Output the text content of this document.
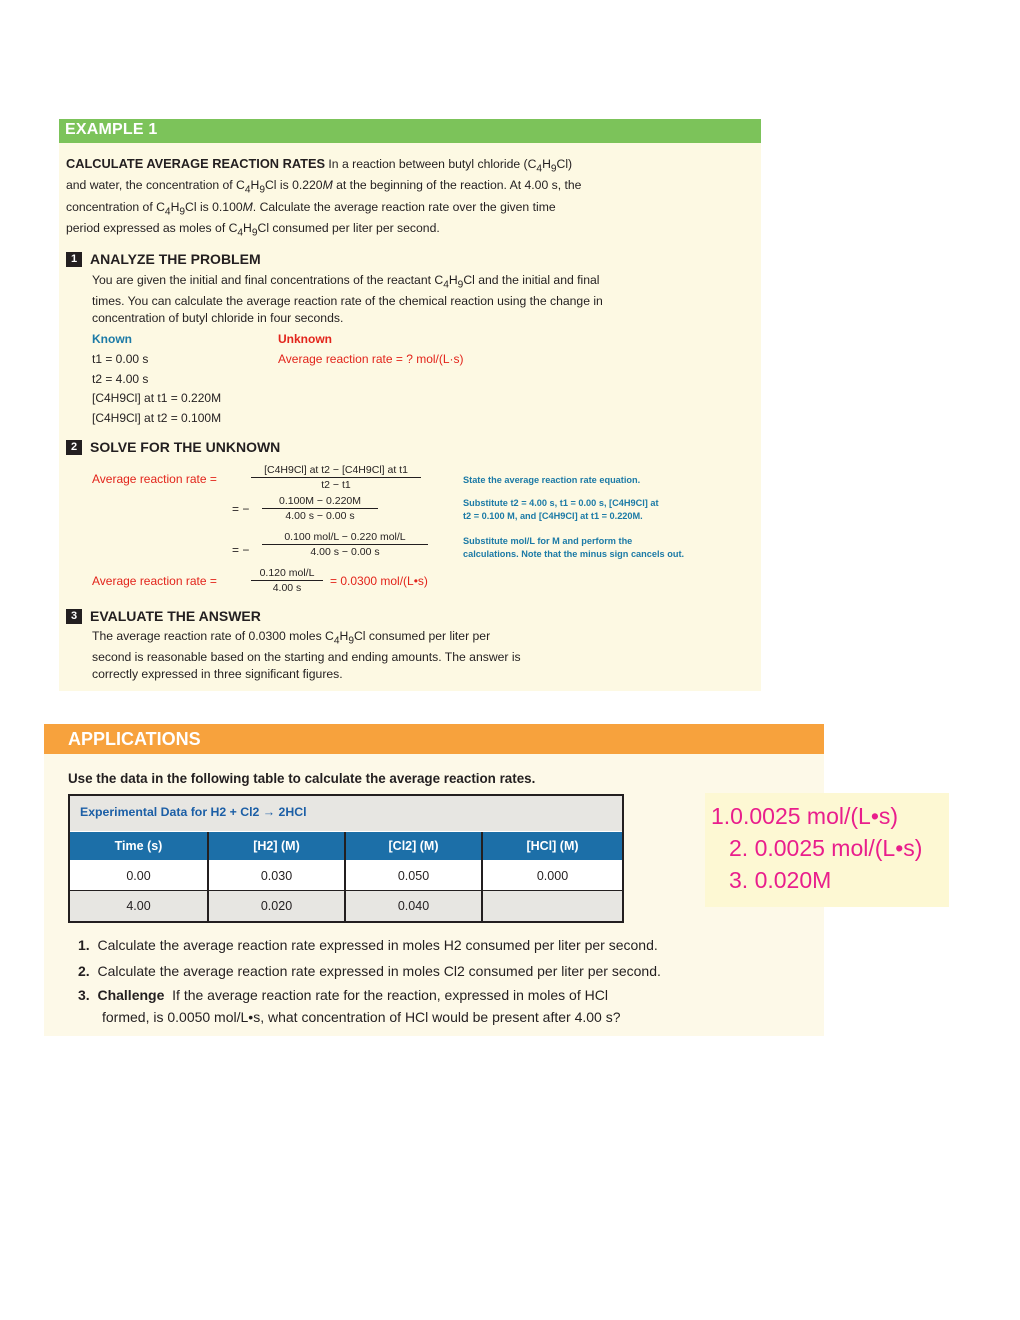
EXAMPLE 1
CALCULATE AVERAGE REACTION RATES In a reaction between butyl chloride $(C_4H_9Cl)$ and water, the concentration of $C_4H_9Cl$ is 0.220M at the beginning of the reaction. At 4.00 s, the concentration of $C_4H_9Cl$ is 0.100M. Calculate the average reaction rate over the given time period expressed as moles of $C_4H_9Cl$ consumed per liter per second.
1 ANALYZE THE PROBLEM
You are given the initial and final concentrations of the reactant $C_4H_9Cl$ and the initial and final times. You can calculate the average reaction rate of the chemical reaction using the change in concentration of butyl chloride in four seconds.
Known	Unknown
Average reaction rate = ? mol/(L·s)
t1 = 0.00 s
t2 = 4.00 s
[C4H9Cl] at t1 = 0.220M
[C4H9Cl] at t2 = 0.100M
2 SOLVE FOR THE UNKNOWN
Average reaction rate =	$\frac{\text{[C4H9Cl] at t2 − [C4H9Cl] at t1}}{t2 - t1}$	State the average reaction rate equation.
= − $\frac{0.100M - 0.220M}{4.00 s - 0.00 s}$	Substitute t2 = 4.00 s, t1 = 0.00 s, [C4H9Cl] at
t2 = 0.100 M, and [C4H9Cl] at t1 = 0.220M.
= − $\frac{\text{0.100 mol/L − 0.220 mol/L}}{4.00 s - 0.00 s}$	Substitute mol/L for M and perform the
calculations. Note that the minus sign cancels out.
Average reaction rate =	$\frac{\text{0.120 mol/L}}{4.00 s} = 0.0300$ mol/(L•s)
3 EVALUATE THE ANSWER
The average reaction rate of 0.0300 moles $C_4H_9Cl$ consumed per liter per second is reasonable based on the starting and ending amounts. The answer is correctly expressed in three significant figures.
APPLICATIONS
Use the data in the following table to calculate the average reaction rates.
Experimental Data for H2 + Cl2 → 2HCl
Time (s)	[H2] (M)	[Cl2] (M)	[HCl] (M)
0.00	0.030	0.050	0.000
4.00	0.020	0.040
1. Calculate the average reaction rate expressed in moles H2 consumed per liter per second.
2. Calculate the average reaction rate expressed in moles Cl2 consumed per liter per second.
3. Challenge If the average reaction rate for the reaction, expressed in moles of HCl
formed, is 0.0050 mol/L•s, what concentration of HCl would be present after 4.00 s?
1.0.0025 mol/(L•s)
2. 0.0025 mol/(L•s)
3. 0.020M
